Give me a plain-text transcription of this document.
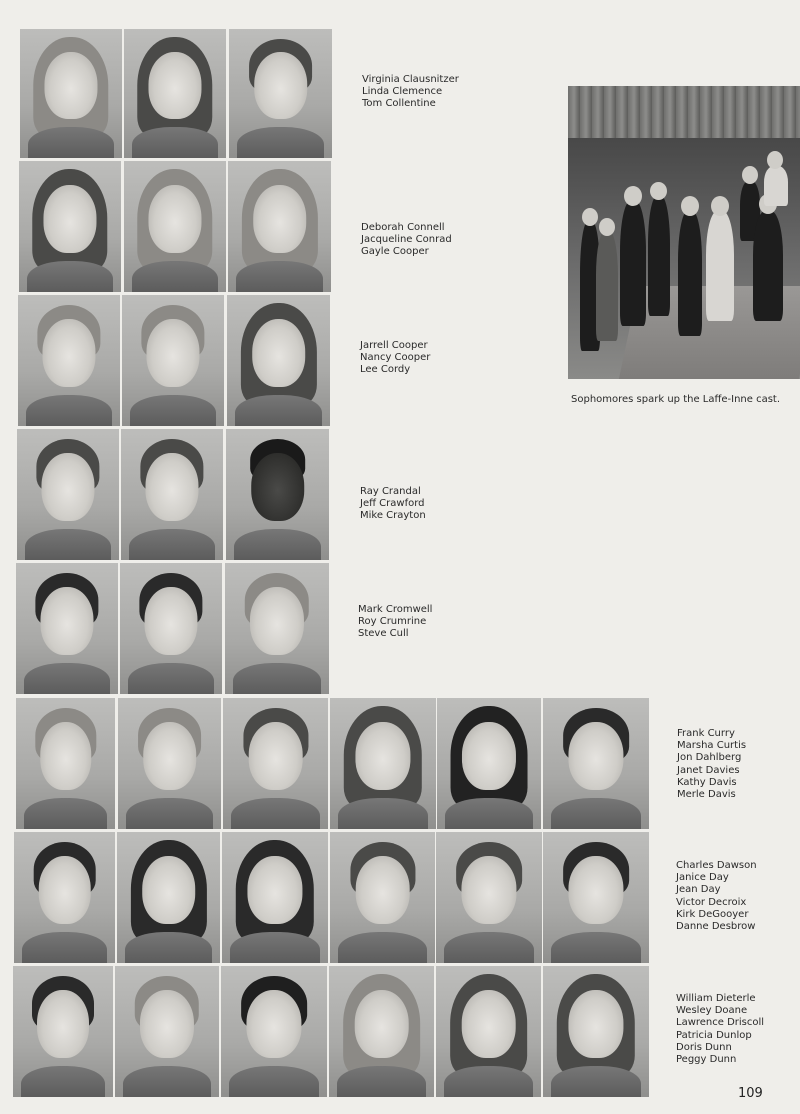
Virginia Clausnitzer
Linda Clemence
Tom Collentine
Deborah Connell
Jacqueline Conrad
Gayle Cooper
Jarrell Cooper
Nancy Cooper
Lee Cordy
Ray Crandal
Jeff Crawford
Mike Crayton
Mark Cromwell
Roy Crumrine
Steve Cull
Sophomores spark up the Laffe-Inne cast.
Frank Curry
Marsha Curtis
Jon Dahlberg
Janet Davies
Kathy Davis
Merle Davis
Charles Dawson
Janice Day
Jean Day
Victor Decroix
Kirk DeGooyer
Danne Desbrow
William Dieterle
Wesley Doane
Lawrence Driscoll
Patricia Dunlop
Doris Dunn
Peggy Dunn
109
